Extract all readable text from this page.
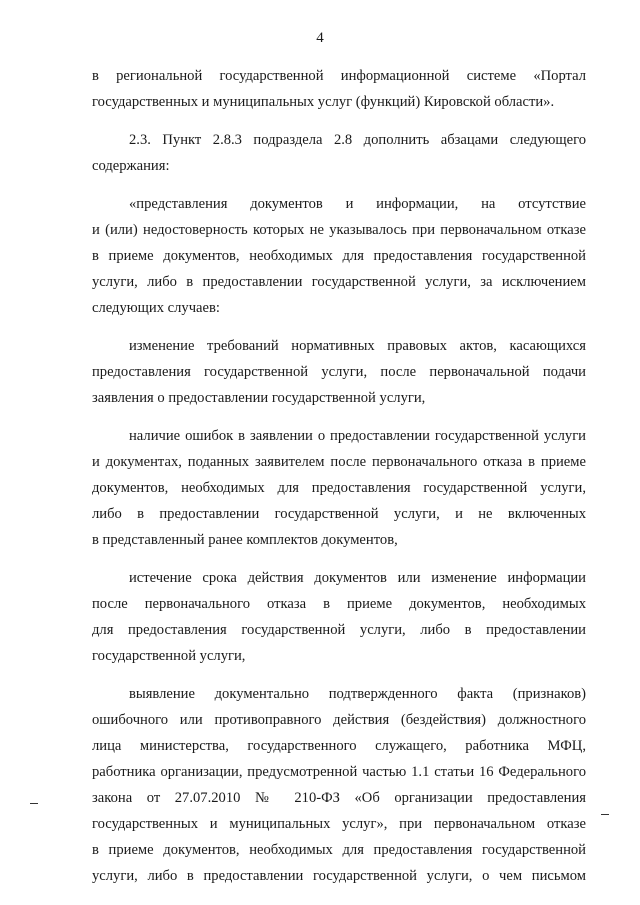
4
в региональной государственной информационной системе «Портал
государственных и муниципальных услуг (функций) Кировской области».
2.3. Пункт 2.8.3 подраздела 2.8 дополнить абзацами следующего
содержания:
«представления документов и информации, на отсутствие
и (или) недостоверность которых не указывалось при первоначальном отказе
в приеме документов, необходимых для предоставления государственной
услуги, либо в предоставлении государственной услуги, за исключением
следующих случаев:
изменение требований нормативных правовых актов, касающихся
предоставления государственной услуги, после первоначальной подачи
заявления о предоставлении государственной услуги,
наличие ошибок в заявлении о предоставлении государственной услуги
и документах, поданных заявителем после первоначального отказа в приеме
документов, необходимых для предоставления государственной услуги,
либо в предоставлении государственной услуги, и не включенных
в представленный ранее комплектов документов,
истечение срока действия документов или изменение информации
после первоначального отказа в приеме документов, необходимых
для предоставления государственной услуги, либо в предоставлении
государственной услуги,
выявление документально подтвержденного факта (признаков)
ошибочного или противоправного действия (бездействия) должностного
лица министерства, государственного служащего, работника МФЦ,
работника организации, предусмотренной частью 1.1 статьи 16 Федерального
закона от 27.07.2010 № 210-ФЗ «Об организации предоставления
государственных и муниципальных услуг», при первоначальном отказе
в приеме документов, необходимых для предоставления государственной
услуги, либо в предоставлении государственной услуги, о чем письмом
